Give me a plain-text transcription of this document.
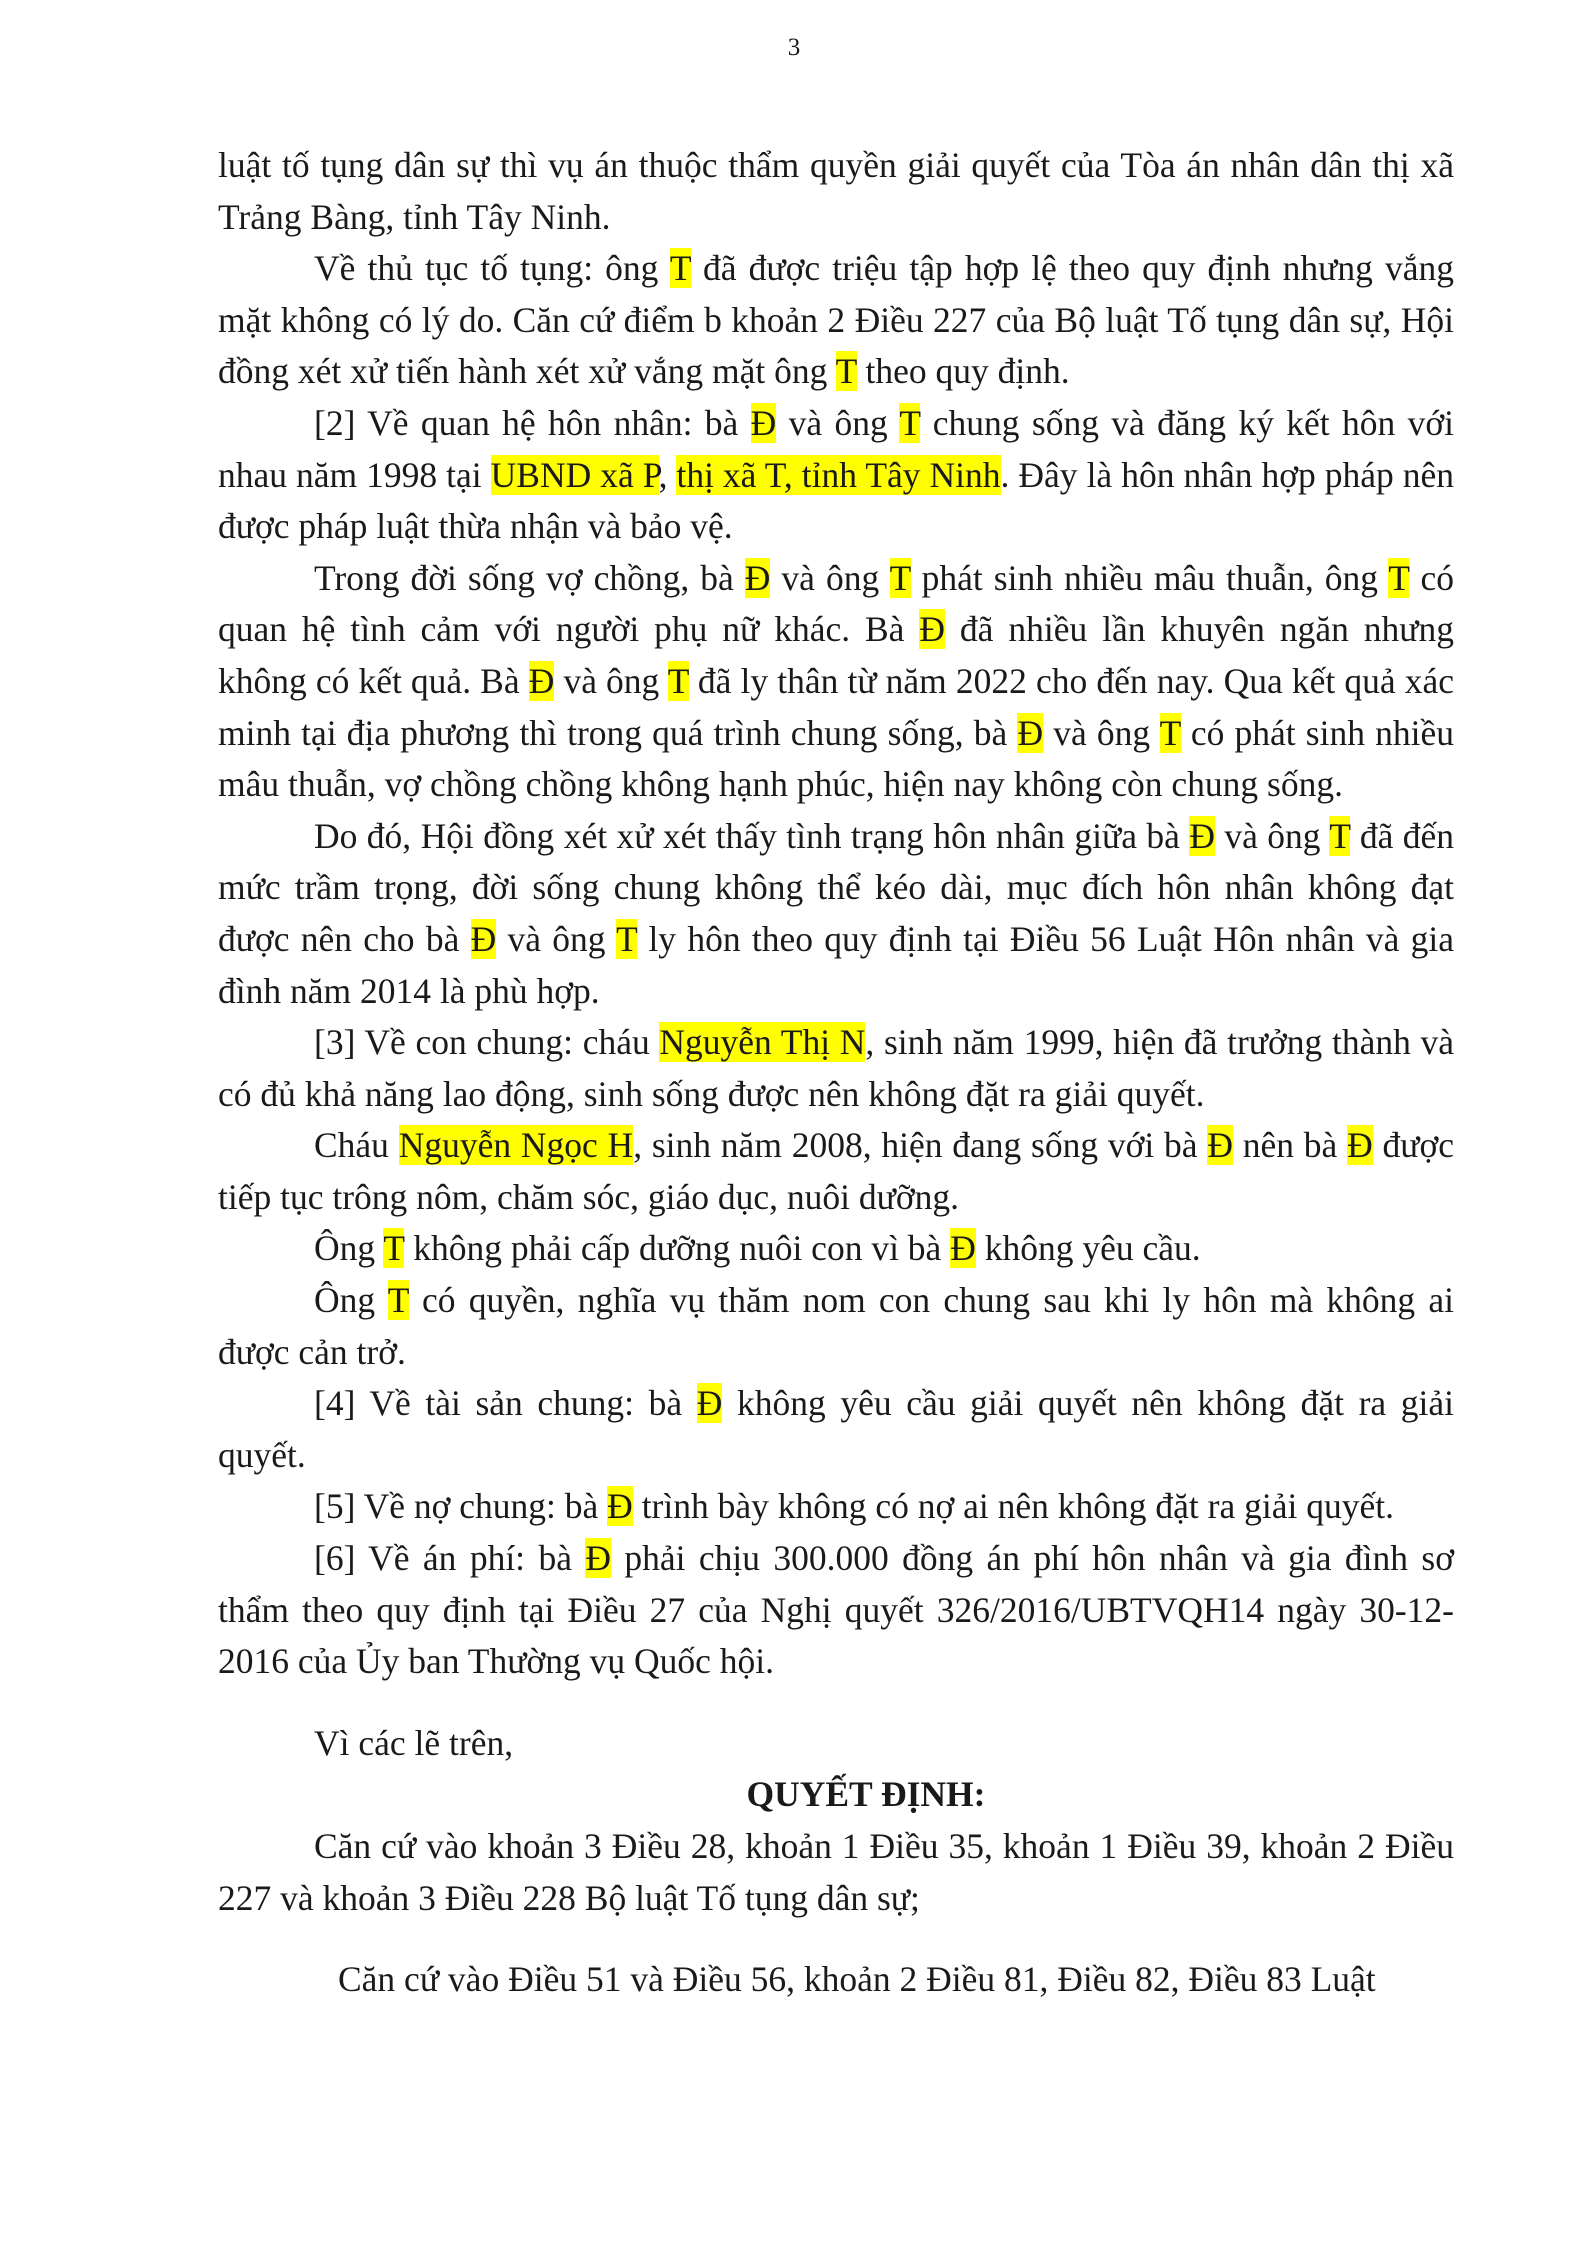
3

luật tố tụng dân sự thì vụ án thuộc thẩm quyền giải quyết của Tòa án nhân dân thị xã Trảng Bàng, tỉnh Tây Ninh.

Về thủ tục tố tụng: ông T đã được triệu tập hợp lệ theo quy định nhưng vắng mặt không có lý do. Căn cứ điểm b khoản 2 Điều 227 của Bộ luật Tố tụng dân sự, Hội đồng xét xử tiến hành xét xử vắng mặt ông T theo quy định.

[2] Về quan hệ hôn nhân: bà Đ và ông T chung sống và đăng ký kết hôn với nhau năm 1998 tại UBND xã P, thị xã T, tỉnh Tây Ninh. Đây là hôn nhân hợp pháp nên được pháp luật thừa nhận và bảo vệ.

Trong đời sống vợ chồng, bà Đ và ông T phát sinh nhiều mâu thuẫn, ông T có quan hệ tình cảm với người phụ nữ khác. Bà Đ đã nhiều lần khuyên ngăn nhưng không có kết quả. Bà Đ và ông T đã ly thân từ năm 2022 cho đến nay. Qua kết quả xác minh tại địa phương thì trong quá trình chung sống, bà Đ và ông T có phát sinh nhiều mâu thuẫn, vợ chồng chồng không hạnh phúc, hiện nay không còn chung sống.

Do đó, Hội đồng xét xử xét thấy tình trạng hôn nhân giữa bà Đ và ông T đã đến mức trầm trọng, đời sống chung không thể kéo dài, mục đích hôn nhân không đạt được nên cho bà Đ và ông T ly hôn theo quy định tại Điều 56 Luật Hôn nhân và gia đình năm 2014 là phù hợp.

[3] Về con chung: cháu Nguyễn Thị N, sinh năm 1999, hiện đã trưởng thành và có đủ khả năng lao động, sinh sống được nên không đặt ra giải quyết.

Cháu Nguyễn Ngọc H, sinh năm 2008, hiện đang sống với bà Đ nên bà Đ được tiếp tục trông nôm, chăm sóc, giáo dục, nuôi dưỡng.

Ông T không phải cấp dưỡng nuôi con vì bà Đ không yêu cầu.

Ông T có quyền, nghĩa vụ thăm nom con chung sau khi ly hôn mà không ai được cản trở.

[4] Về tài sản chung: bà Đ không yêu cầu giải quyết nên không đặt ra giải quyết.

[5] Về nợ chung: bà Đ trình bày không có nợ ai nên không đặt ra giải quyết.

[6] Về án phí: bà Đ phải chịu 300.000 đồng án phí hôn nhân và gia đình sơ thẩm theo quy định tại Điều 27 của Nghị quyết 326/2016/UBTVQH14 ngày 30-12-2016 của Ủy ban Thường vụ Quốc hội.

Vì các lẽ trên,

QUYẾT ĐỊNH:

Căn cứ vào khoản 3 Điều 28, khoản 1 Điều 35, khoản 1 Điều 39, khoản 2 Điều 227 và khoản 3 Điều 228 Bộ luật Tố tụng dân sự;

Căn cứ vào Điều 51 và Điều 56, khoản 2 Điều 81, Điều 82, Điều 83 Luật
